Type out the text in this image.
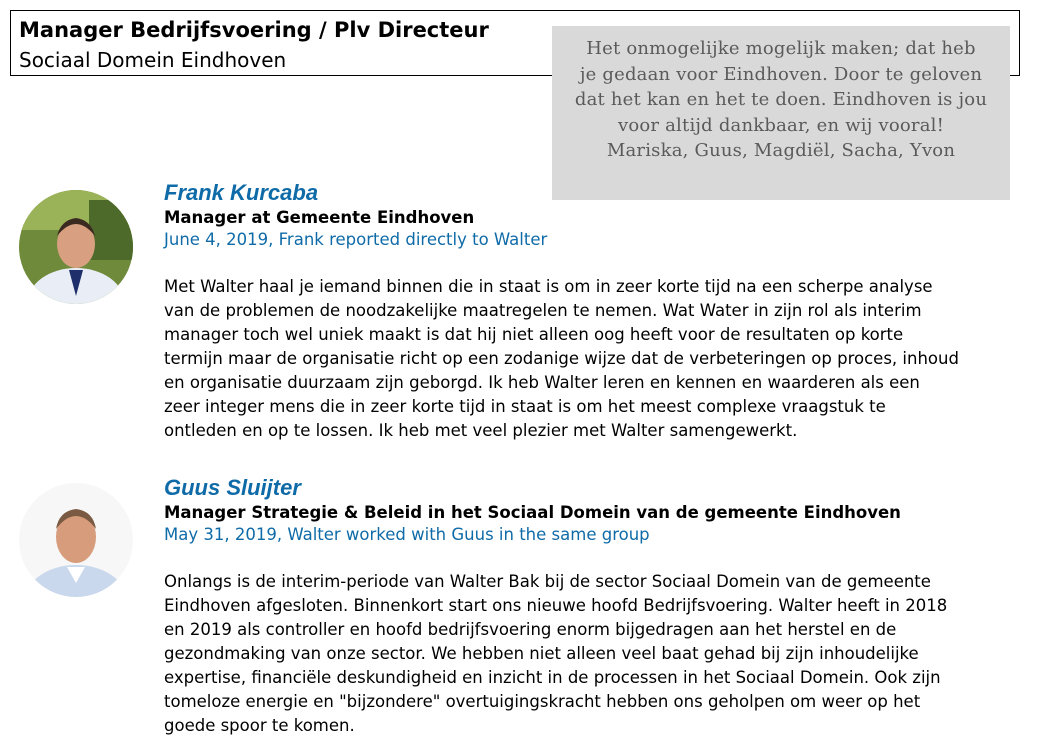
Manager Bedrijfsvoering / Plv Directeur
Sociaal Domein Eindhoven	Het onmogelijke mogelijk maken; dat heb
je gedaan voor Eindhoven. Door te geloven
dat het kan en het te doen. Eindhoven is jou
voor altijd dankbaar, en wij vooral!
Mariska, Guus, Magdiël, Sacha, Yvon
Frank Kurcaba
Manager at Gemeente Eindhoven
June 4, 2019, Frank reported directly to Walter
Met Walter haal je iemand binnen die in staat is om in zeer korte tijd na een scherpe analyse
van de problemen de noodzakelijke maatregelen te nemen. Wat Water in zijn rol als interim
manager toch wel uniek maakt is dat hij niet alleen oog heeft voor de resultaten op korte
termijn maar de organisatie richt op een zodanige wijze dat de verbeteringen op proces, inhoud
en organisatie duurzaam zijn geborgd. Ik heb Walter leren en kennen en waarderen als een
zeer integer mens die in zeer korte tijd in staat is om het meest complexe vraagstuk te
ontleden en op te lossen. Ik heb met veel plezier met Walter samengewerkt.
Guus Sluijter
Manager Strategie & Beleid in het Sociaal Domein van de gemeente Eindhoven
May 31, 2019, Walter worked with Guus in the same group
Onlangs is de interim-periode van Walter Bak bij de sector Sociaal Domein van de gemeente
Eindhoven afgesloten. Binnenkort start ons nieuwe hoofd Bedrijfsvoering. Walter heeft in 2018
en 2019 als controller en hoofd bedrijfsvoering enorm bijgedragen aan het herstel en de
gezondmaking van onze sector. We hebben niet alleen veel baat gehad bij zijn inhoudelijke
expertise, financiële deskundigheid en inzicht in de processen in het Sociaal Domein. Ook zijn
tomeloze energie en "bijzondere" overtuigingskracht hebben ons geholpen om weer op het
goede spoor te komen.
